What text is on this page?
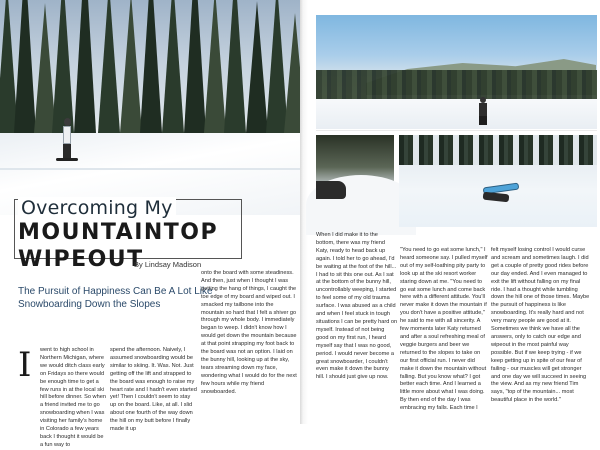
Overcoming My
MOUNTAINTOP
WIPEOUT
By Lindsay Madison
The Pursuit of Happiness Can Be A Lot Like Snowboarding Down the Slopes
I went to high school in Northern Michigan, where we would ditch class early on Fridays so there would be enough time to get a few runs in at the local ski hill before dinner. So when a friend invited me to go snowboarding when I was visiting her family's home in Colorado a few years back I thought it would be a fun way to
spend the afternoon. Naively, I assumed snowboarding would be similar to skiing. It. Was. Not. Just getting off the lift and strapped to the board was enough to raise my heart rate and I hadn't even started yet! Then I couldn't seem to stay up on the board. Like, at all. I slid about one fourth of the way down the hill on my butt before I finally made it up
onto the board with some steadiness. And then, just when I thought I was getting the hang of things, I caught the toe edge of my board and wiped out. I smacked my tailbone into the mountain so hard that I felt a shiver go through my whole body. I immediately began to weep. I didn't know how I would get down the mountain because at that point strapping my foot back to the board was not an option. I laid on the bunny hill, looking up at the sky, tears streaming down my face, wondering what I would do for the next few hours while my friend snowboarded.
When I did make it to the bottom, there was my friend Katy, ready to head back up again. I told her to go ahead, I'd be waiting at the foot of the hill... I had to sit this one out. As I sat at the bottom of the bunny hill, uncontrollably weeping, I started to feel some of my old trauma surface. I was abused as a child and when I feel stuck in tough situations I can be pretty hard on myself. Instead of not being good on my first run, I heard myself say that I was no good, period. I would never become a great snowboarder, I couldn't even make it down the bunny hill. I should just give up now.
"You need to go eat some lunch," I heard someone say. I pulled myself out of my self-loathing pity party to look up at the ski resort worker staring down at me. "You need to go eat some lunch and come back here with a different attitude. You'll never make it down the mountain if you don't have a positive attitude," he said to me with all sincerity. A few moments later Katy returned and after a soul refreshing meal of veggie burgers and beer we returned to the slopes to take on our first official run. I never did make it down the mountain without falling. But you know what? I got better each time. And I learned a little more about what I was doing. By then end of the day I was embracing my falls. Each time I
felt myself losing control I would curse and scream and sometimes laugh. I did get a couple of pretty good rides before our day ended. And I even managed to exit the lift without falling on my final ride. I had a thought while tumbling down the hill one of those times. Maybe the pursuit of happiness is like snowboarding. It's really hard and not very many people are good at it. Sometimes we think we have all the answers, only to catch our edge and wipeout in the most painful way possible. But if we keep trying - if we keep getting up in spite of our fear of failing - our muscles will get stronger and one day we will succeed in seeing the view. And as my new friend Tim says, "top of the mountain... most beautiful place in the world."
